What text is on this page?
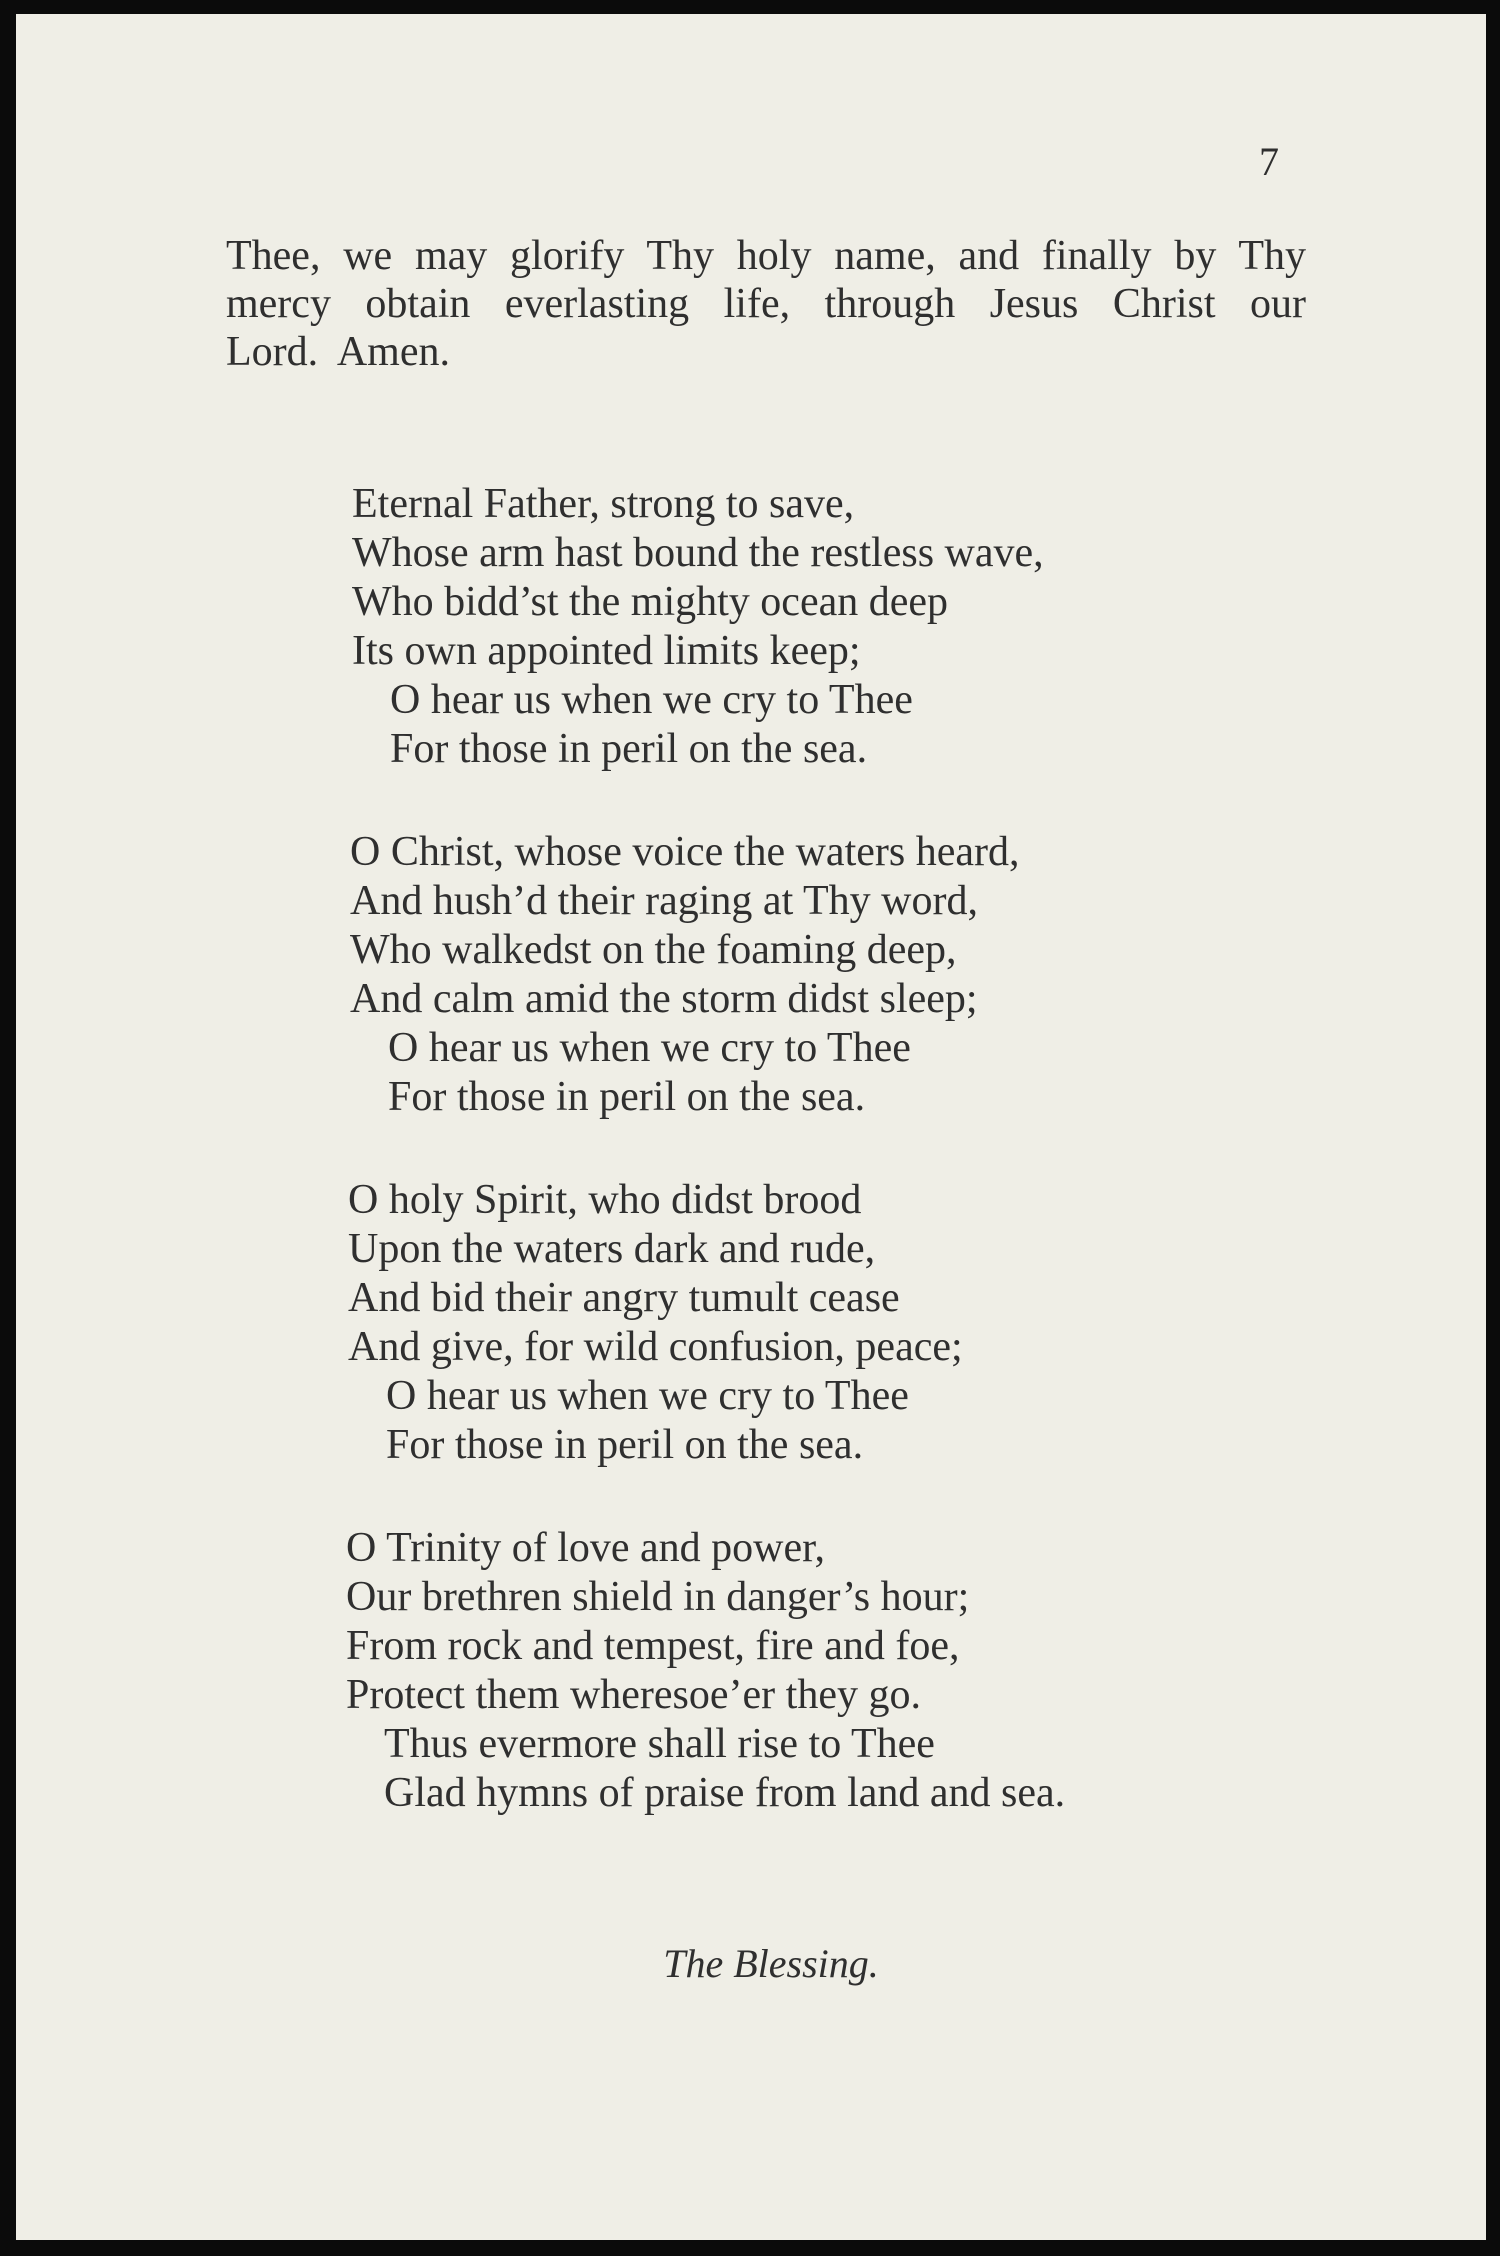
7
Thee, we may glorify Thy holy name, and finally by Thy
mercy obtain everlasting life, through Jesus Christ our
Lord.  Amen.
Eternal Father, strong to save,
Whose arm hast bound the restless wave,
Who bidd’st the mighty ocean deep
Its own appointed limits keep;
O hear us when we cry to Thee
For those in peril on the sea.
O Christ, whose voice the waters heard,
And hush’d their raging at Thy word,
Who walkedst on the foaming deep,
And calm amid the storm didst sleep;
O hear us when we cry to Thee
For those in peril on the sea.
O holy Spirit, who didst brood
Upon the waters dark and rude,
And bid their angry tumult cease
And give, for wild confusion, peace;
O hear us when we cry to Thee
For those in peril on the sea.
O Trinity of love and power,
Our brethren shield in danger’s hour;
From rock and tempest, fire and foe,
Protect them wheresoe’er they go.
Thus evermore shall rise to Thee
Glad hymns of praise from land and sea.
The Blessing.
